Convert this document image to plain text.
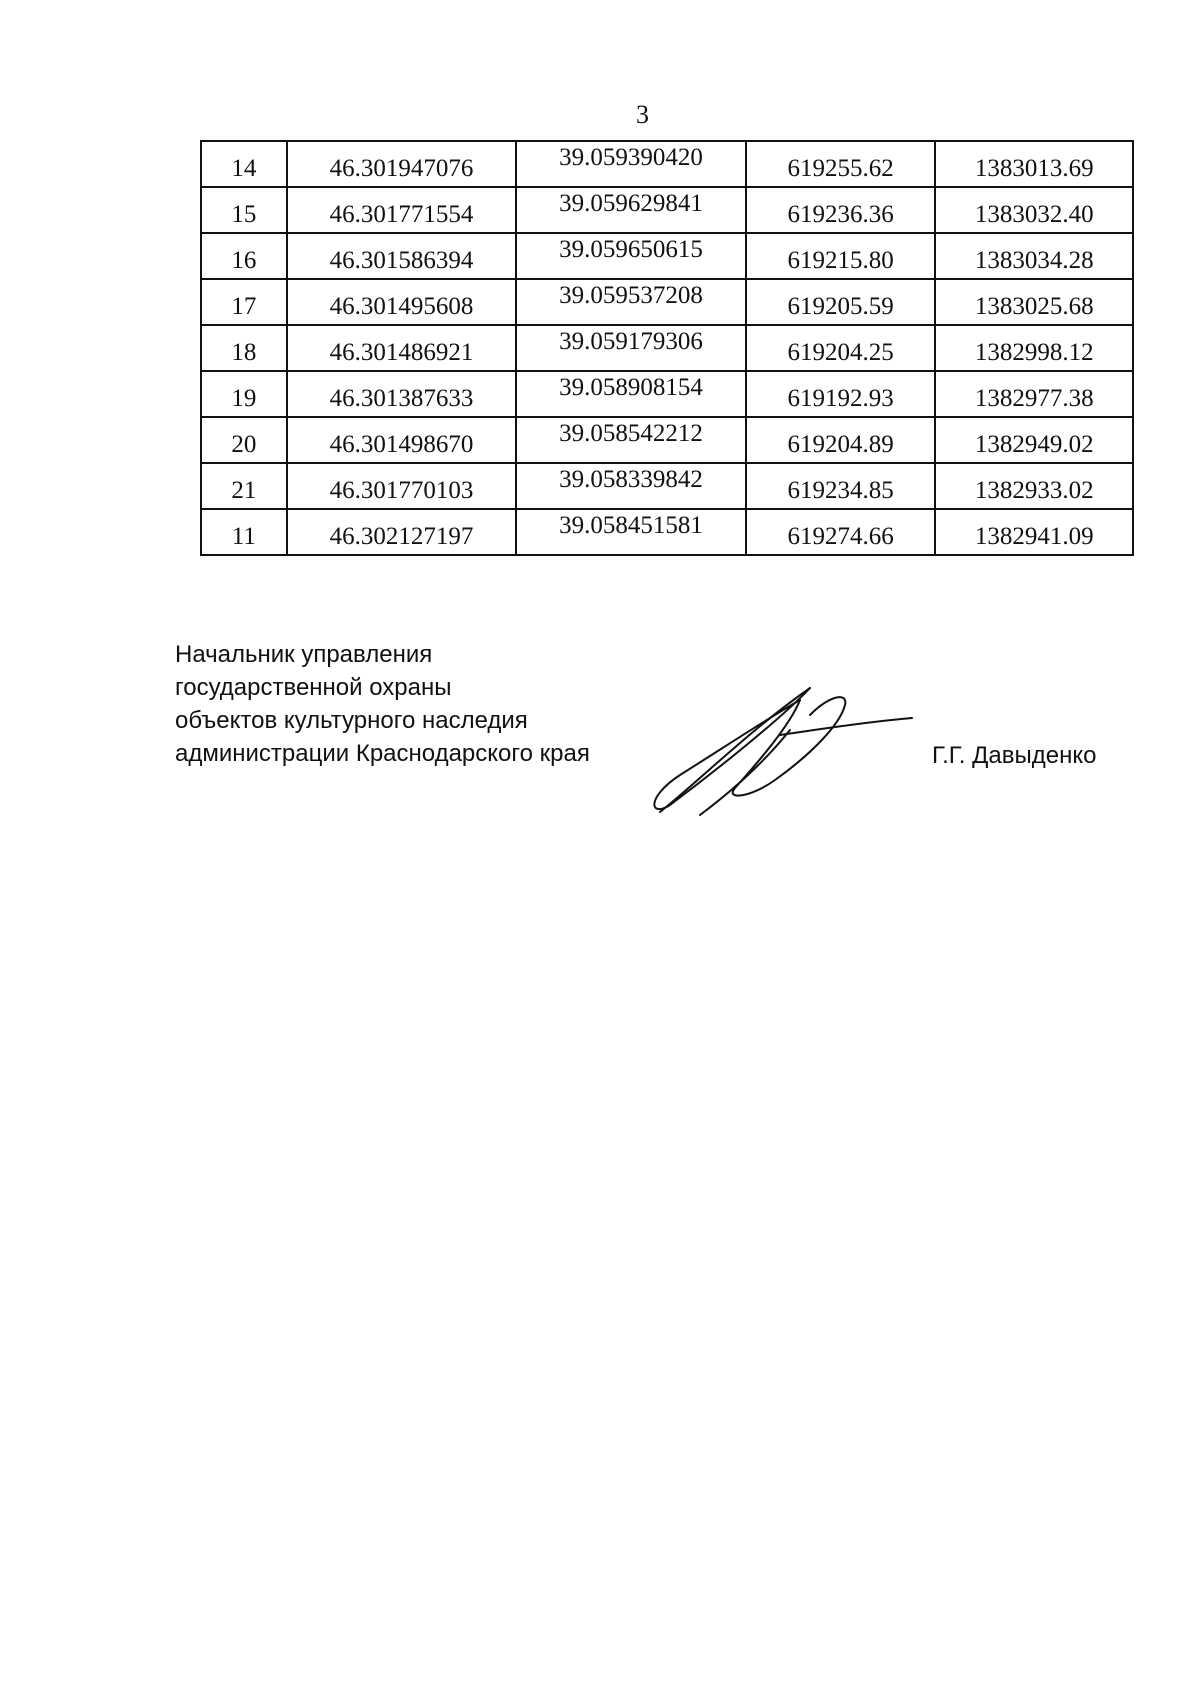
3
14	46.301947076	39.059390420	619255.62	1383013.69
15	46.301771554	39.059629841	619236.36	1383032.40
16	46.301586394	39.059650615	619215.80	1383034.28
17	46.301495608	39.059537208	619205.59	1383025.68
18	46.301486921	39.059179306	619204.25	1382998.12
19	46.301387633	39.058908154	619192.93	1382977.38
20	46.301498670	39.058542212	619204.89	1382949.02
21	46.301770103	39.058339842	619234.85	1382933.02
11	46.302127197	39.058451581	619274.66	1382941.09
Начальник управления
государственной охраны
объектов культурного наследия
администрации Краснодарского края	Г.Г. Давыденко
